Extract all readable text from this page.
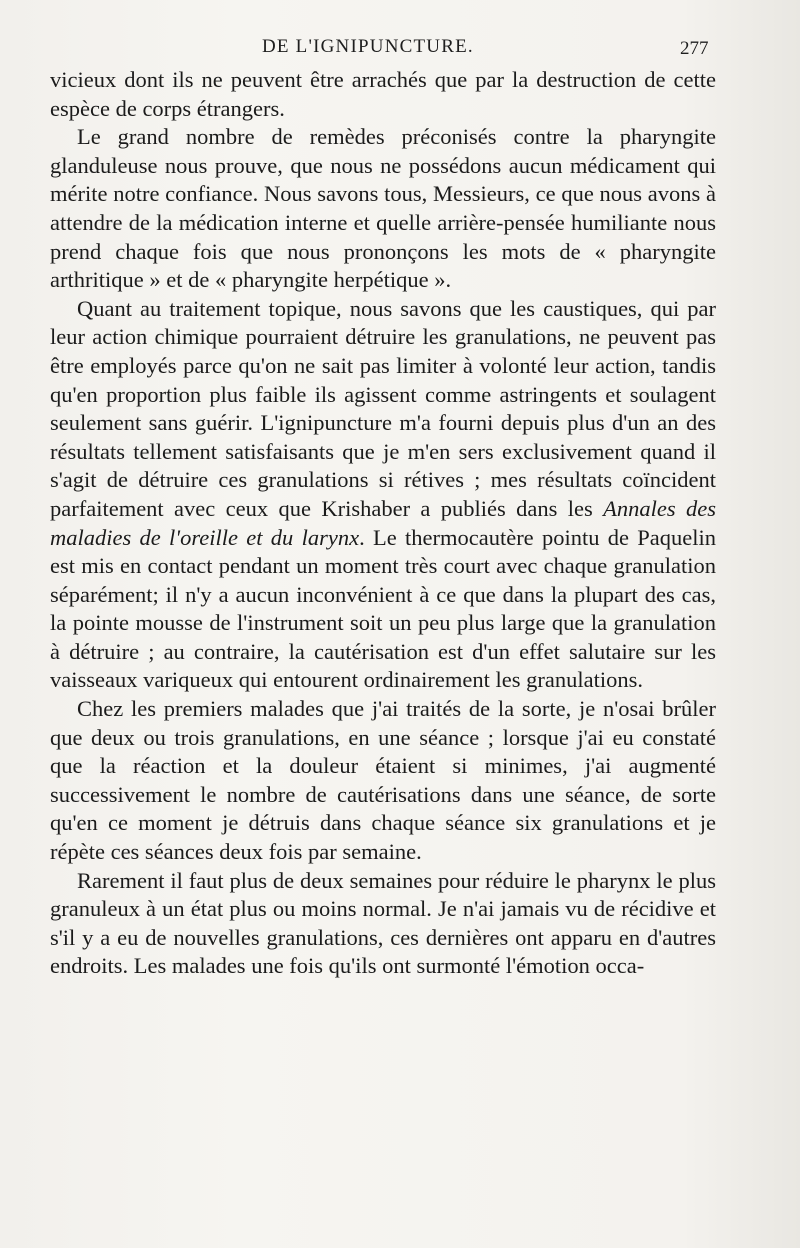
DE L'IGNIPUNCTURE.	277

vicieux dont ils ne peuvent être arrachés que par la destruction de cette espèce de corps étrangers.

Le grand nombre de remèdes préconisés contre la pharyngite glanduleuse nous prouve, que nous ne possédons aucun médicament qui mérite notre confiance. Nous savons tous, Messieurs, ce que nous avons à attendre de la médication interne et quelle arrière-pensée humiliante nous prend chaque fois que nous prononçons les mots de « pharyngite arthritique » et de « pharyngite herpétique ».

Quant au traitement topique, nous savons que les caustiques, qui par leur action chimique pourraient détruire les granulations, ne peuvent pas être employés parce qu'on ne sait pas limiter à volonté leur action, tandis qu'en proportion plus faible ils agissent comme astringents et soulagent seulement sans guérir. L'ignipuncture m'a fourni depuis plus d'un an des résultats tellement satisfaisants que je m'en sers exclusivement quand il s'agit de détruire ces granulations si rétives ; mes résultats coïncident parfaitement avec ceux que Krishaber a publiés dans les Annales des maladies de l'oreille et du larynx. Le thermocautère pointu de Paquelin est mis en contact pendant un moment très court avec chaque granulation séparément; il n'y a aucun inconvénient à ce que dans la plupart des cas, la pointe mousse de l'instrument soit un peu plus large que la granulation à détruire ; au contraire, la cautérisation est d'un effet salutaire sur les vaisseaux variqueux qui entourent ordinairement les granulations.

Chez les premiers malades que j'ai traités de la sorte, je n'osai brûler que deux ou trois granulations, en une séance ; lorsque j'ai eu constaté que la réaction et la douleur étaient si minimes, j'ai augmenté successivement le nombre de cautérisations dans une séance, de sorte qu'en ce moment je détruis dans chaque séance six granulations et je répète ces séances deux fois par semaine.

Rarement il faut plus de deux semaines pour réduire le pharynx le plus granuleux à un état plus ou moins normal. Je n'ai jamais vu de récidive et s'il y a eu de nouvelles granulations, ces dernières ont apparu en d'autres endroits. Les malades une fois qu'ils ont surmonté l'émotion occa-
